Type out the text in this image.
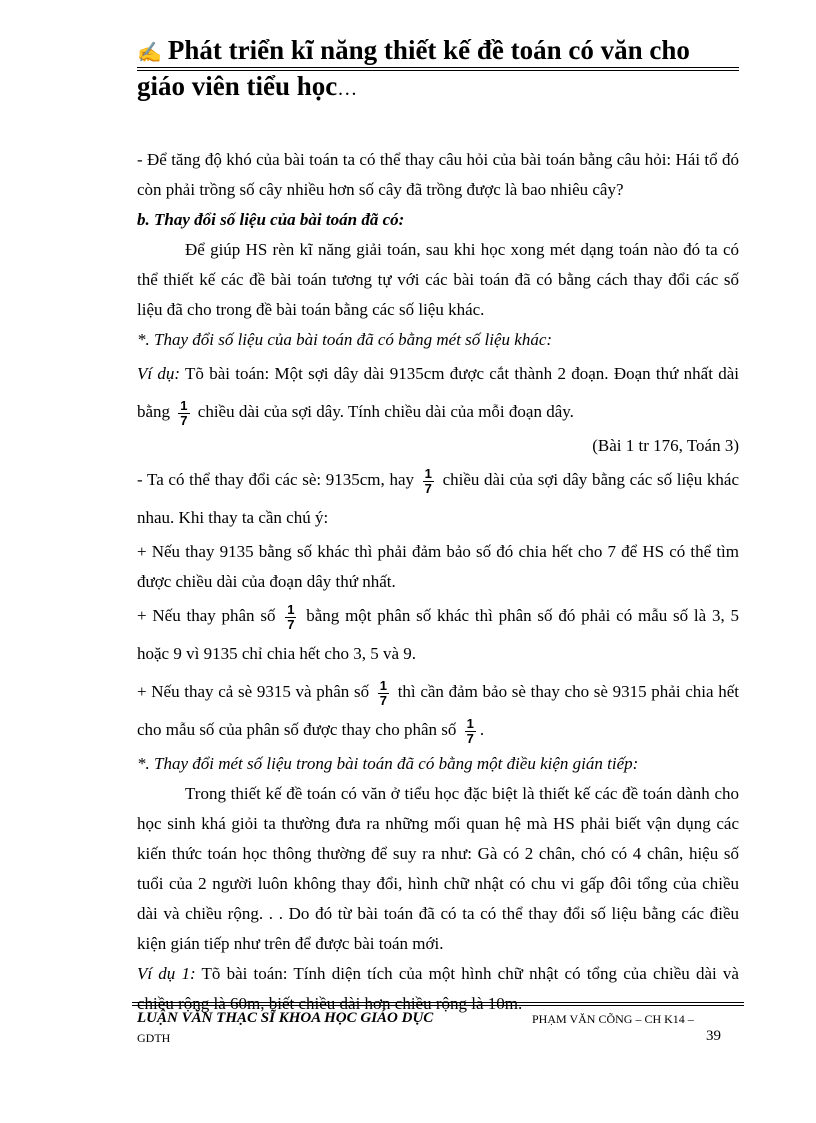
✍ Phát triển kĩ năng thiết kế đề toán có văn cho
giáo viên tiểu học…

- Để tăng độ khó của bài toán ta có thể thay câu hỏi của bài toán bằng câu hỏi: Hái tổ đó còn phải trồng số cây nhiều hơn số cây đã trồng được là bao nhiêu cây?

b. Thay đổi số liệu của bài toán đã có:

Để giúp HS rèn kĩ năng giải toán, sau khi học xong mét dạng toán nào đó ta có thể thiết kế các đề bài toán tương tự với các bài toán đã có bằng cách thay đổi các số liệu đã cho trong đề bài toán bằng các số liệu khác.

*. Thay đổi số liệu của bài toán đã có bằng mét số liệu khác:

Ví dụ: Tõ bài toán: Một sợi dây dài 9135cm được cắt thành 2 đoạn. Đoạn thứ nhất dài bằng $\frac{1}{7}$ chiều dài của sợi dây. Tính chiều dài của mỗi đoạn dây.

(Bài 1 tr 176, Toán 3)

- Ta có thể thay đổi các sè: 9135cm, hay $\frac{1}{7}$ chiều dài của sợi dây bằng các số liệu khác nhau. Khi thay ta cần chú ý:

+ Nếu thay 9135 bằng số khác thì phải đảm bảo số đó chia hết cho 7 để HS có thể tìm được chiều dài của đoạn dây thứ nhất.

+ Nếu thay phân số $\frac{1}{7}$ bằng một phân số khác thì phân số đó phải có mẫu số là 3, 5 hoặc 9 vì 9135 chỉ chia hết cho 3, 5 và 9.

+ Nếu thay cả sè 9315 và phân số $\frac{1}{7}$ thì cần đảm bảo sè thay cho sè 9315 phải chia hết cho mẫu số của phân số được thay cho phân số $\frac{1}{7}$ .

*. Thay đổi mét số liệu trong bài toán đã có bằng một điều kiện gián tiếp:

Trong thiết kế đề toán có văn ở tiểu học đặc biệt là thiết kế các đề toán dành cho học sinh khá giỏi ta thường đưa ra những mối quan hệ mà HS phải biết vận dụng các kiến thức toán học thông thường để suy ra như: Gà có 2 chân, chó có 4 chân, hiệu số tuổi của 2 người luôn không thay đổi, hình chữ nhật có chu vi gấp đôi tổng của chiều dài và chiều rộng. . . Do đó từ bài toán đã có ta có thể thay đổi số liệu bằng các điều kiện gián tiếp như trên để được bài toán mới.

Ví dụ 1: Tõ bài toán: Tính diện tích của một hình chữ nhật có tổng của chiều dài và chiều rộng là 60m, biết chiều dài hơn chiều rộng là 10m.

LUẬN VĂN THẠC SĨ KHOA HỌC GIÁO DỤC	PHẠM VĂN CÕNG – CH K14 –
GDTH	39
